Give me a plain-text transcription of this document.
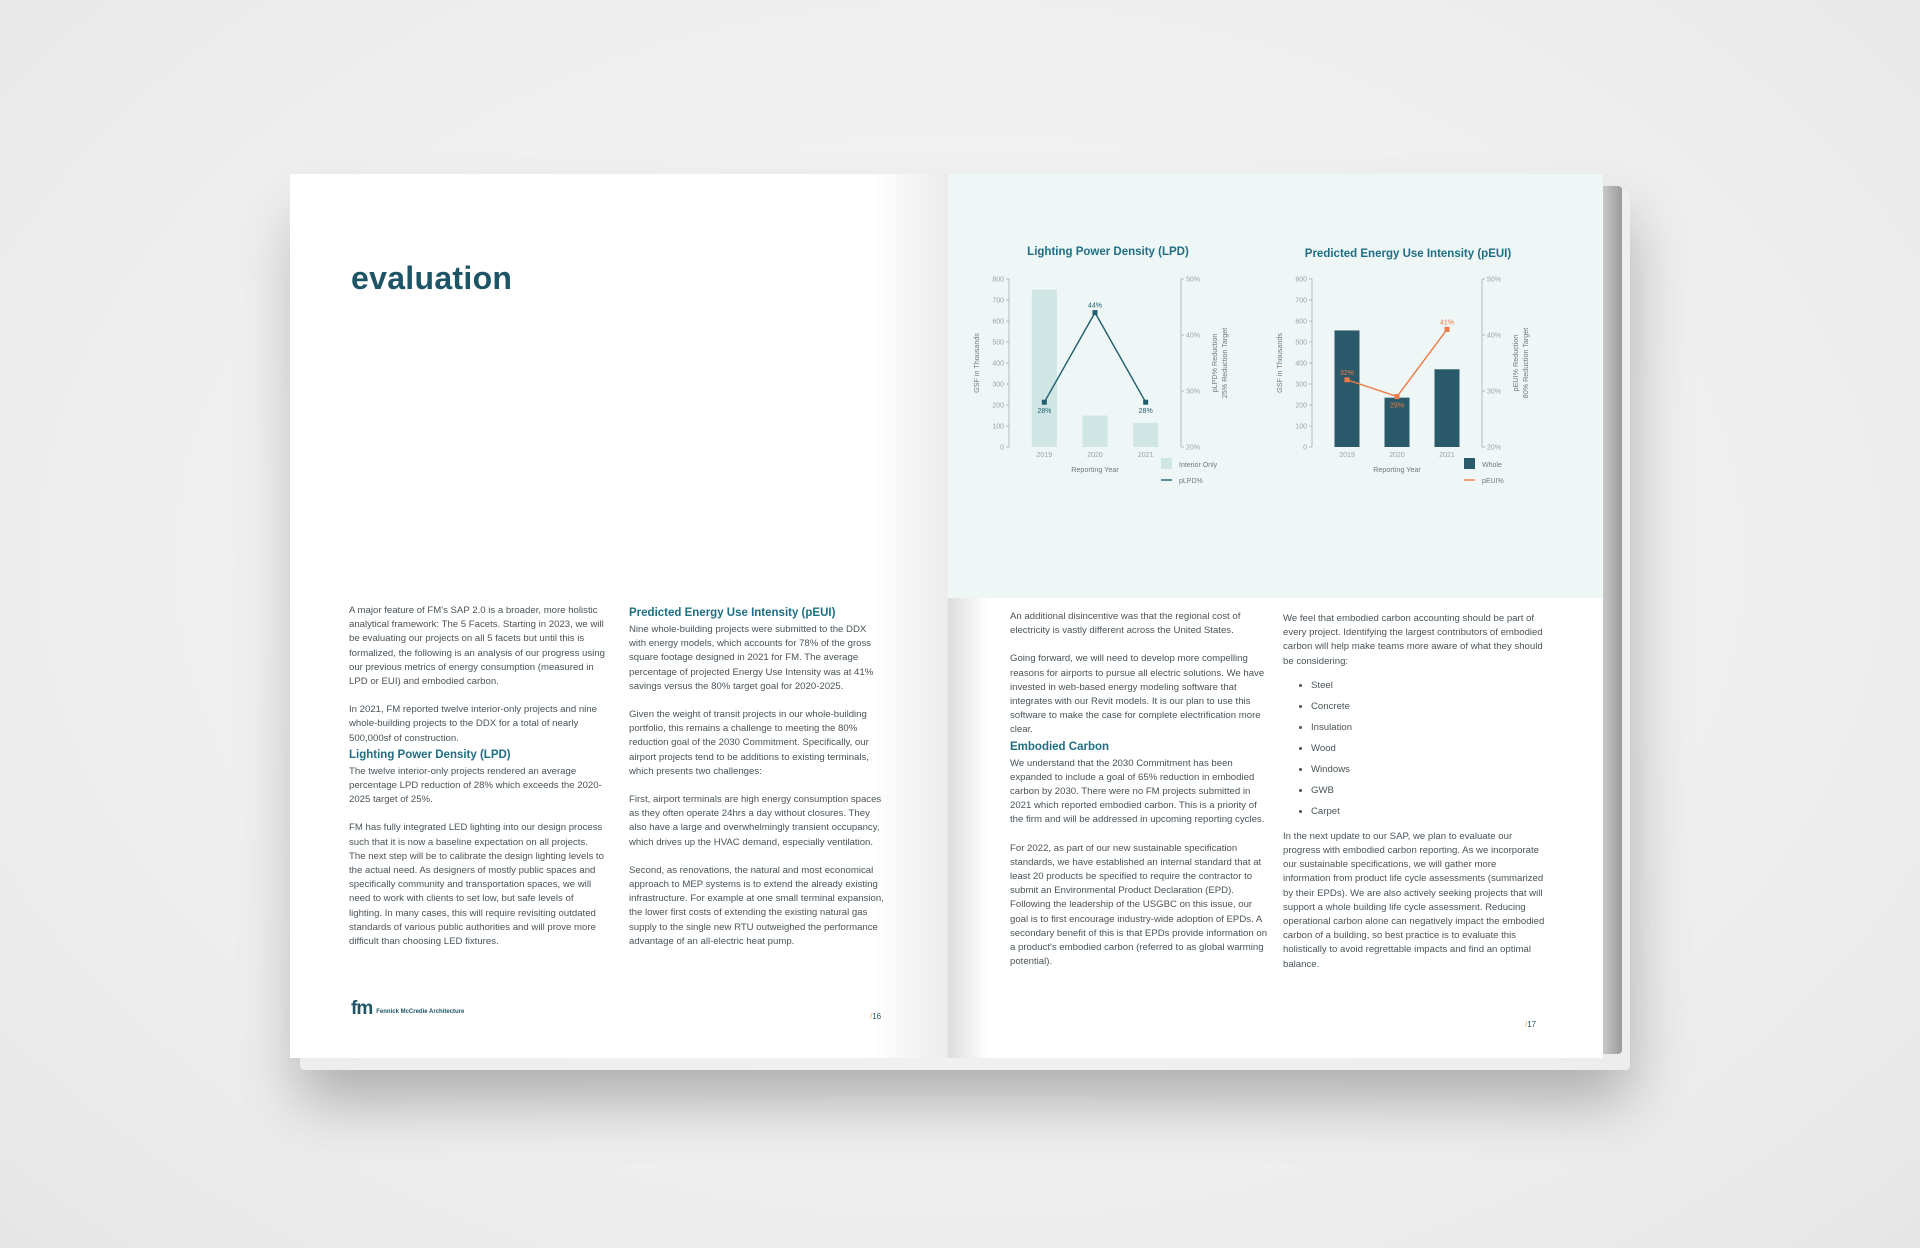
evaluation

A major feature of FM's SAP 2.0 is a broader, more holistic analytical framework: The 5 Facets. Starting in 2023, we will be evaluating our projects on all 5 facets but until this is formalized, the following is an analysis of our progress using our previous metrics of energy consumption (measured in LPD or EUI) and embodied carbon.

In 2021, FM reported twelve interior-only projects and nine whole-building projects to the DDX for a total of nearly 500,000sf of construction.

Lighting Power Density (LPD)

The twelve interior-only projects rendered an average percentage LPD reduction of 28% which exceeds the 2020-2025 target of 25%.

FM has fully integrated LED lighting into our design process such that it is now a baseline expectation on all projects. The next step will be to calibrate the design lighting levels to the actual need. As designers of mostly public spaces and specifically community and transportation spaces, we will need to work with clients to set low, but safe levels of lighting. In many cases, this will require revisiting outdated standards of various public authorities and will prove more difficult than choosing LED fixtures.

Predicted Energy Use Intensity (pEUI)

Nine whole-building projects were submitted to the DDX with energy models, which accounts for 78% of the gross square footage designed in 2021 for FM. The average percentage of projected Energy Use Intensity was at 41% savings versus the 80% target goal for 2020-2025.

Given the weight of transit projects in our whole-building portfolio, this remains a challenge to meeting the 80% reduction goal of the 2030 Commitment. Specifically, our airport projects tend to be additions to existing terminals, which presents two challenges:

First, airport terminals are high energy consumption spaces as they often operate 24hrs a day without closures. They also have a large and overwhelmingly transient occupancy, which drives up the HVAC demand, especially ventilation.

Second, as renovations, the natural and most economical approach to MEP systems is to extend the already existing infrastructure. For example at one small terminal expansion, the lower first costs of extending the existing natural gas supply to the single new RTU outweighed the performance advantage of an all-electric heat pump.

fm Fennick McCredie Architecture	/16
Lighting Power Density (LPD)	Predicted Energy Use Intensity (pEUI)
0
100
200
300
400
500
600
700
800
20%
30%
40%
50%
2019	2020	2021
Reporting Year
GSF in Thousands	pLPD% Reduction 25% Reduction Target
28%
44%
28%
Interior Only
pLPD%
0
100
200
300
400
500
600
700
800
20%
30%
40%
50%
2019	2020	2021
Reporting Year
GSF in Thousands	pEUI% Reduction 80% Reduction Target
32%
29%
41%
Whole
pEUI%

An additional disincentive was that the regional cost of electricity is vastly different across the United States.

Going forward, we will need to develop more compelling reasons for airports to pursue all electric solutions. We have invested in web-based energy modeling software that integrates with our Revit models. It is our plan to use this software to make the case for complete electrification more clear.

Embodied Carbon

We understand that the 2030 Commitment has been expanded to include a goal of 65% reduction in embodied carbon by 2030. There were no FM projects submitted in 2021 which reported embodied carbon. This is a priority of the firm and will be addressed in upcoming reporting cycles.

For 2022, as part of our new sustainable specification standards, we have established an internal standard that at least 20 products be specified to require the contractor to submit an Environmental Product Declaration (EPD). Following the leadership of the USGBC on this issue, our goal is to first encourage industry-wide adoption of EPDs. A secondary benefit of this is that EPDs provide information on a product's embodied carbon (referred to as global warming potential).

We feel that embodied carbon accounting should be part of every project. Identifying the largest contributors of embodied carbon will help make teams more aware of what they should be considering:

• Steel
• Concrete
• Insulation
• Wood
• Windows
• GWB
• Carpet

In the next update to our SAP, we plan to evaluate our progress with embodied carbon reporting. As we incorporate our sustainable specifications, we will gather more information from product life cycle assessments (summarized by their EPDs). We are also actively seeking projects that will support a whole building life cycle assessment. Reducing operational carbon alone can negatively impact the embodied carbon of a building, so best practice is to evaluate this holistically to avoid regrettable impacts and find an optimal balance.

/17
